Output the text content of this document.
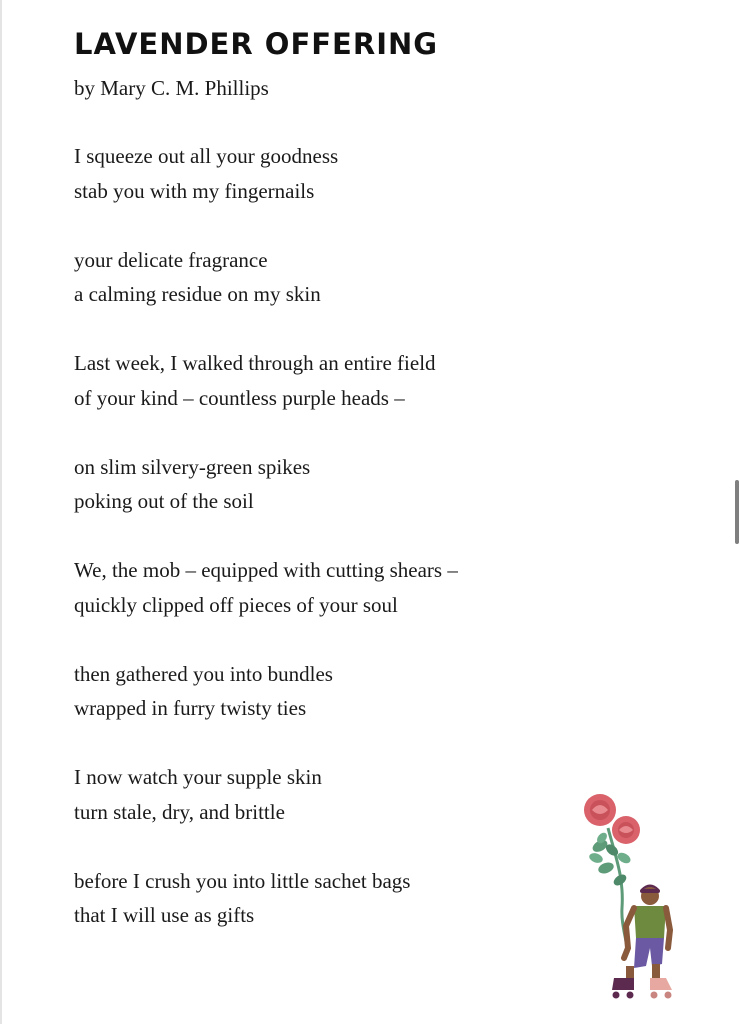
LAVENDER OFFERING

by Mary C. M. Phillips

I squeeze out all your goodness
stab you with my fingernails
your delicate fragrance
a calming residue on my skin
Last week, I walked through an entire field
of your kind – countless purple heads –
on slim silvery-green spikes
poking out of the soil
We, the mob – equipped with cutting shears –
quickly clipped off pieces of your soul
then gathered you into bundles
wrapped in furry twisty ties
I now watch your supple skin
turn stale, dry, and brittle
before I crush you into little sachet bags
that I will use as gifts
